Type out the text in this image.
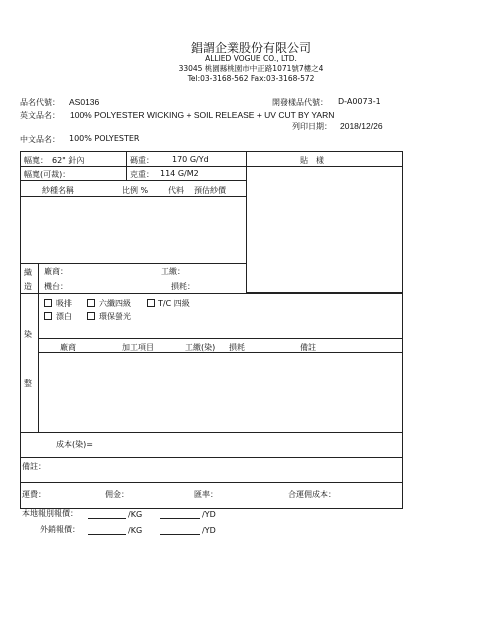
錩謂企業股份有限公司
ALLIED VOGUE CO., LTD.
33045 桃園縣桃園市中正路1071號7樓之4
Tel:03-3168-562 Fax:03-3168-572
品名代號： AS0136	開發樣品代號： D-A0073-1
英文品名： 100% POLYESTER WICKING + SOIL RELEASE + UV CUT BY YARN
列印日期： 2018/12/26
中文品名： 100% POLYESTER
幅寬： 62" 針內	碼重： 170 G/Yd	貼　樣
幅寬(可裁)：	克重： 114 G/M2
紗種名稱	比例 % 代料 預估紗價
織
造
廠商：	工繳：
機台：	損耗：
吸排	六纖四級	T/C 四級
漂白	環保螢光
染
整
廠商	加工項目	工繳(染) 損耗	備註
成本(染)=
備註：
運費：	佣金：	匯率：	合運佣成本：
本地報別報價：	/KG	/YD
外銷報價：	/KG	/YD
